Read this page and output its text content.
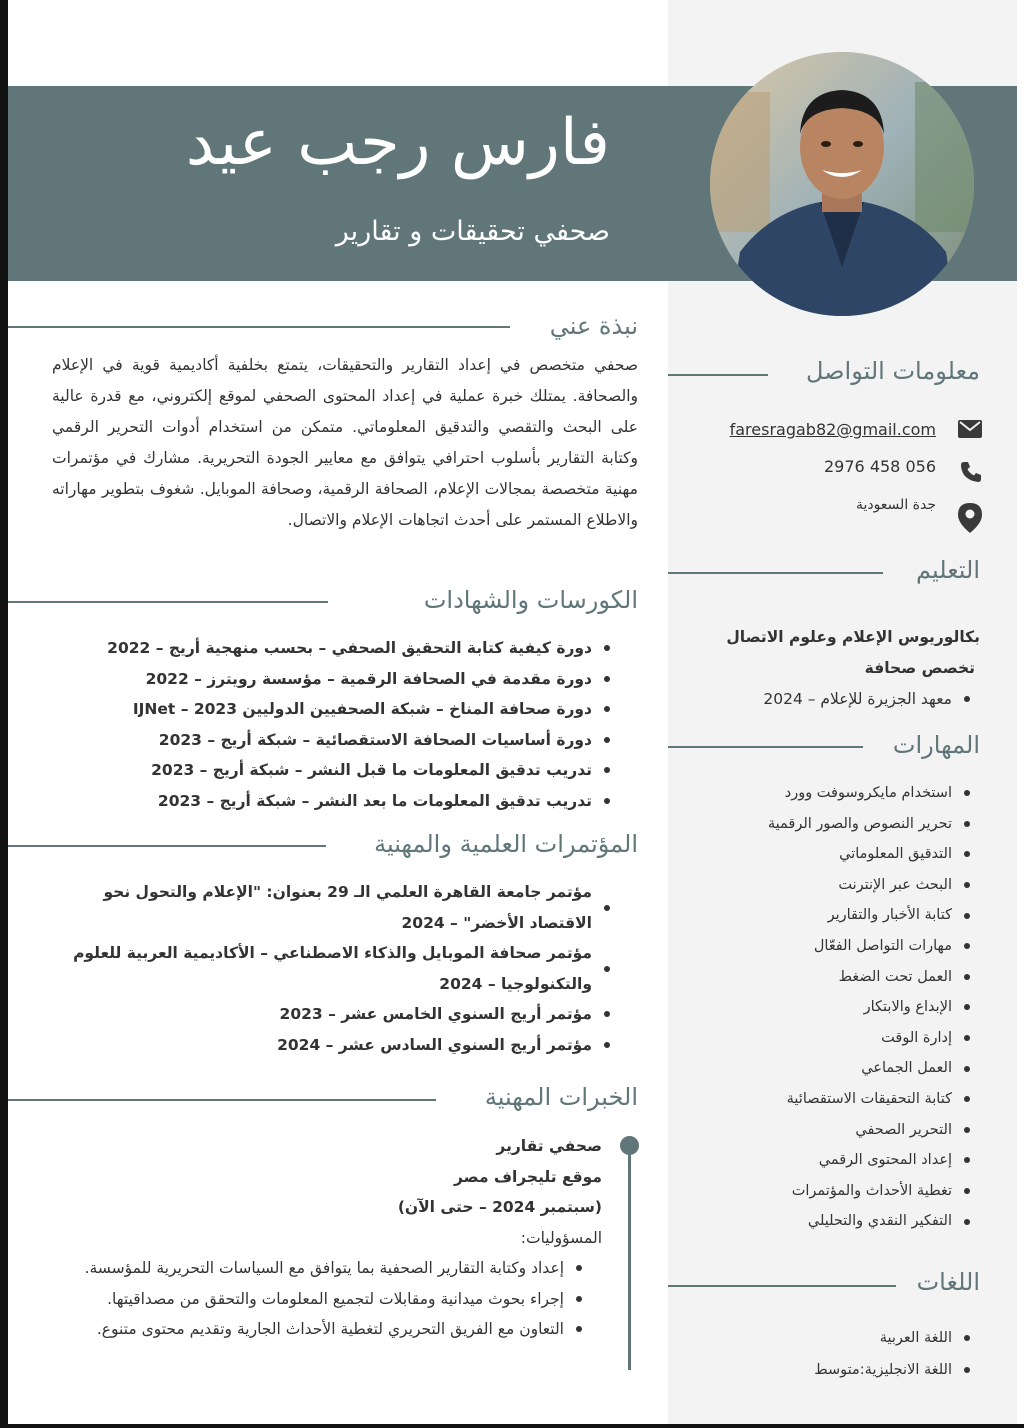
فارس رجب عيد
صحفي تحقيقات و تقارير
نبذة عني

صحفي متخصص في إعداد التقارير والتحقيقات، يتمتع بخلفية أكاديمية قوية في الإعلام والصحافة. يمتلك خبرة عملية في إعداد المحتوى الصحفي لموقع إلكتروني، مع قدرة عالية على البحث والتقصي والتدقيق المعلوماتي. متمكن من استخدام أدوات التحرير الرقمي وكتابة التقارير بأسلوب احترافي يتوافق مع معايير الجودة التحريرية. مشارك في مؤتمرات مهنية متخصصة بمجالات الإعلام، الصحافة الرقمية، وصحافة الموبايل. شغوف بتطوير مهاراته والاطلاع المستمر على أحدث اتجاهات الإعلام والاتصال.

الكورسات والشهادات
دورة كيفية كتابة التحقيق الصحفي – بحسب منهجية أريج – 2022
دورة مقدمة في الصحافة الرقمية – مؤسسة رويترز – 2022
دورة صحافة المناخ – شبكة الصحفيين الدوليين 2023 – IJNet
دورة أساسيات الصحافة الاستقصائية – شبكة أريج – 2023
تدريب تدقيق المعلومات ما قبل النشر – شبكة أريج – 2023
تدريب تدقيق المعلومات ما بعد النشر – شبكة أريج – 2023
المؤتمرات العلمية والمهنية
مؤتمر جامعة القاهرة العلمي الـ 29 بعنوان: "الإعلام والتحول نحو الاقتصاد الأخضر" – 2024
مؤتمر صحافة الموبايل والذكاء الاصطناعي – الأكاديمية العربية للعلوم والتكنولوجيا – 2024
مؤتمر أريج السنوي الخامس عشر – 2023
مؤتمر أريج السنوي السادس عشر – 2024
الخبرات المهنية
صحفي تقارير
موقع تليجراف مصر
(سبتمبر 2024 – حتى الآن)
المسؤوليات:
إعداد وكتابة التقارير الصحفية بما يتوافق مع السياسات التحريرية للمؤسسة.
إجراء بحوث ميدانية ومقابلات لتجميع المعلومات والتحقق من مصداقيتها.
التعاون مع الفريق التحريري لتغطية الأحداث الجارية وتقديم محتوى متنوع.
معلومات التواصل
faresragab82@gmail.com
056 458 2976
جدة السعودية
التعليم
بكالوريوس الإعلام وعلوم الاتصال
تخصص صحافة
معهد الجزيرة للإعلام – 2024
المهارات
استخدام مايكروسوفت وورد
تحرير النصوص والصور الرقمية
التدقيق المعلوماتي
البحث عبر الإنترنت
كتابة الأخبار والتقارير
مهارات التواصل الفعّال
العمل تحت الضغط
الإبداع والابتكار
إدارة الوقت
العمل الجماعي
كتابة التحقيقات الاستقصائية
التحرير الصحفي
إعداد المحتوى الرقمي
تغطية الأحداث والمؤتمرات
التفكير النقدي والتحليلي
اللغات
اللغة العربية
اللغة الانجليزية:متوسط
